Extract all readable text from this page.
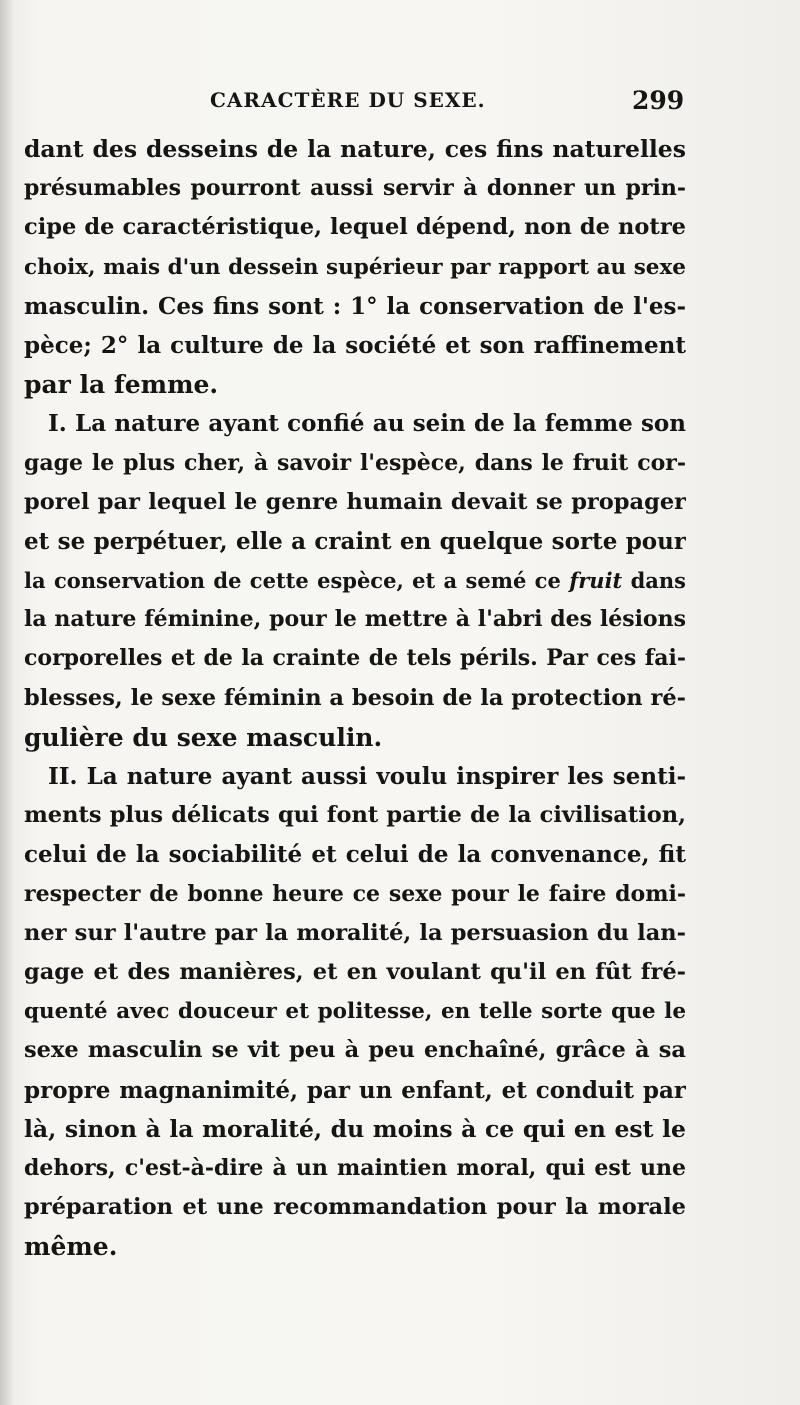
CARACTÈRE DU SEXE.	299
dant des desseins de la nature, ces fins naturelles
présumables pourront aussi servir à donner un prin-
cipe de caractéristique, lequel dépend, non de notre
choix, mais d'un dessein supérieur par rapport au sexe
masculin. Ces fins sont : 1° la conservation de l'es-
pèce; 2° la culture de la société et son raffinement
par la femme.
I. La nature ayant confié au sein de la femme son
gage le plus cher, à savoir l'espèce, dans le fruit cor-
porel par lequel le genre humain devait se propager
et se perpétuer, elle a craint en quelque sorte pour
la conservation de cette espèce, et a semé ce fruit dans
la nature féminine, pour le mettre à l'abri des lésions
corporelles et de la crainte de tels périls. Par ces fai-
blesses, le sexe féminin a besoin de la protection ré-
gulière du sexe masculin.
II. La nature ayant aussi voulu inspirer les senti-
ments plus délicats qui font partie de la civilisation,
celui de la sociabilité et celui de la convenance, fit
respecter de bonne heure ce sexe pour le faire domi-
ner sur l'autre par la moralité, la persuasion du lan-
gage et des manières, et en voulant qu'il en fût fré-
quenté avec douceur et politesse, en telle sorte que le
sexe masculin se vit peu à peu enchaîné, grâce à sa
propre magnanimité, par un enfant, et conduit par
là, sinon à la moralité, du moins à ce qui en est le
dehors, c'est-à-dire à un maintien moral, qui est une
préparation et une recommandation pour la morale
même.
